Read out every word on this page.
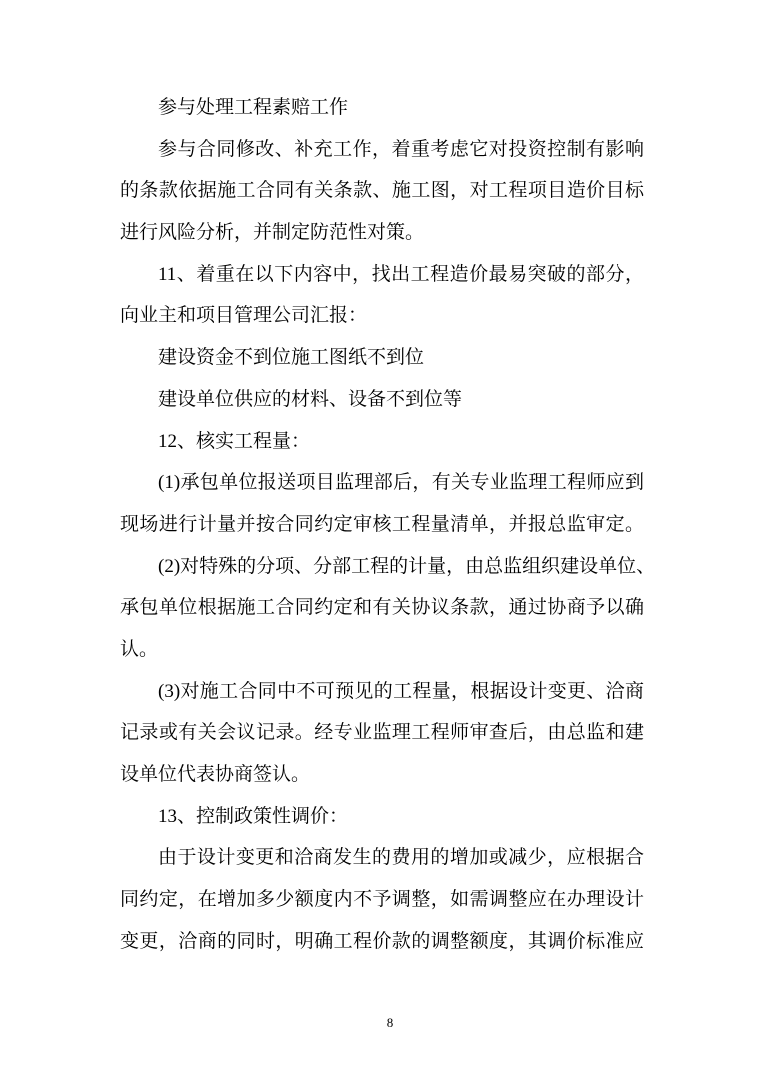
参与处理工程素赔工作
参与合同修改、补充工作，着重考虑它对投资控制有影响
的条款依据施工合同有关条款、施工图，对工程项目造价目标
进行风险分析，并制定防范性对策。
11、着重在以下内容中，找出工程造价最易突破的部分，
向业主和项目管理公司汇报：
建设资金不到位施工图纸不到位
建设单位供应的材料、设备不到位等
12、核实工程量：
(1)承包单位报送项目监理部后，有关专业监理工程师应到
现场进行计量并按合同约定审核工程量清单，并报总监审定。
(2)对特殊的分项、分部工程的计量，由总监组织建设单位、
承包单位根据施工合同约定和有关协议条款，通过协商予以确
认。
(3)对施工合同中不可预见的工程量，根据设计变更、洽商
记录或有关会议记录。经专业监理工程师审查后，由总监和建
设单位代表协商签认。
13、控制政策性调价：
由于设计变更和洽商发生的费用的增加或减少，应根据合
同约定，在增加多少额度内不予调整，如需调整应在办理设计
变更，洽商的同时，明确工程价款的调整额度，其调价标准应
8
